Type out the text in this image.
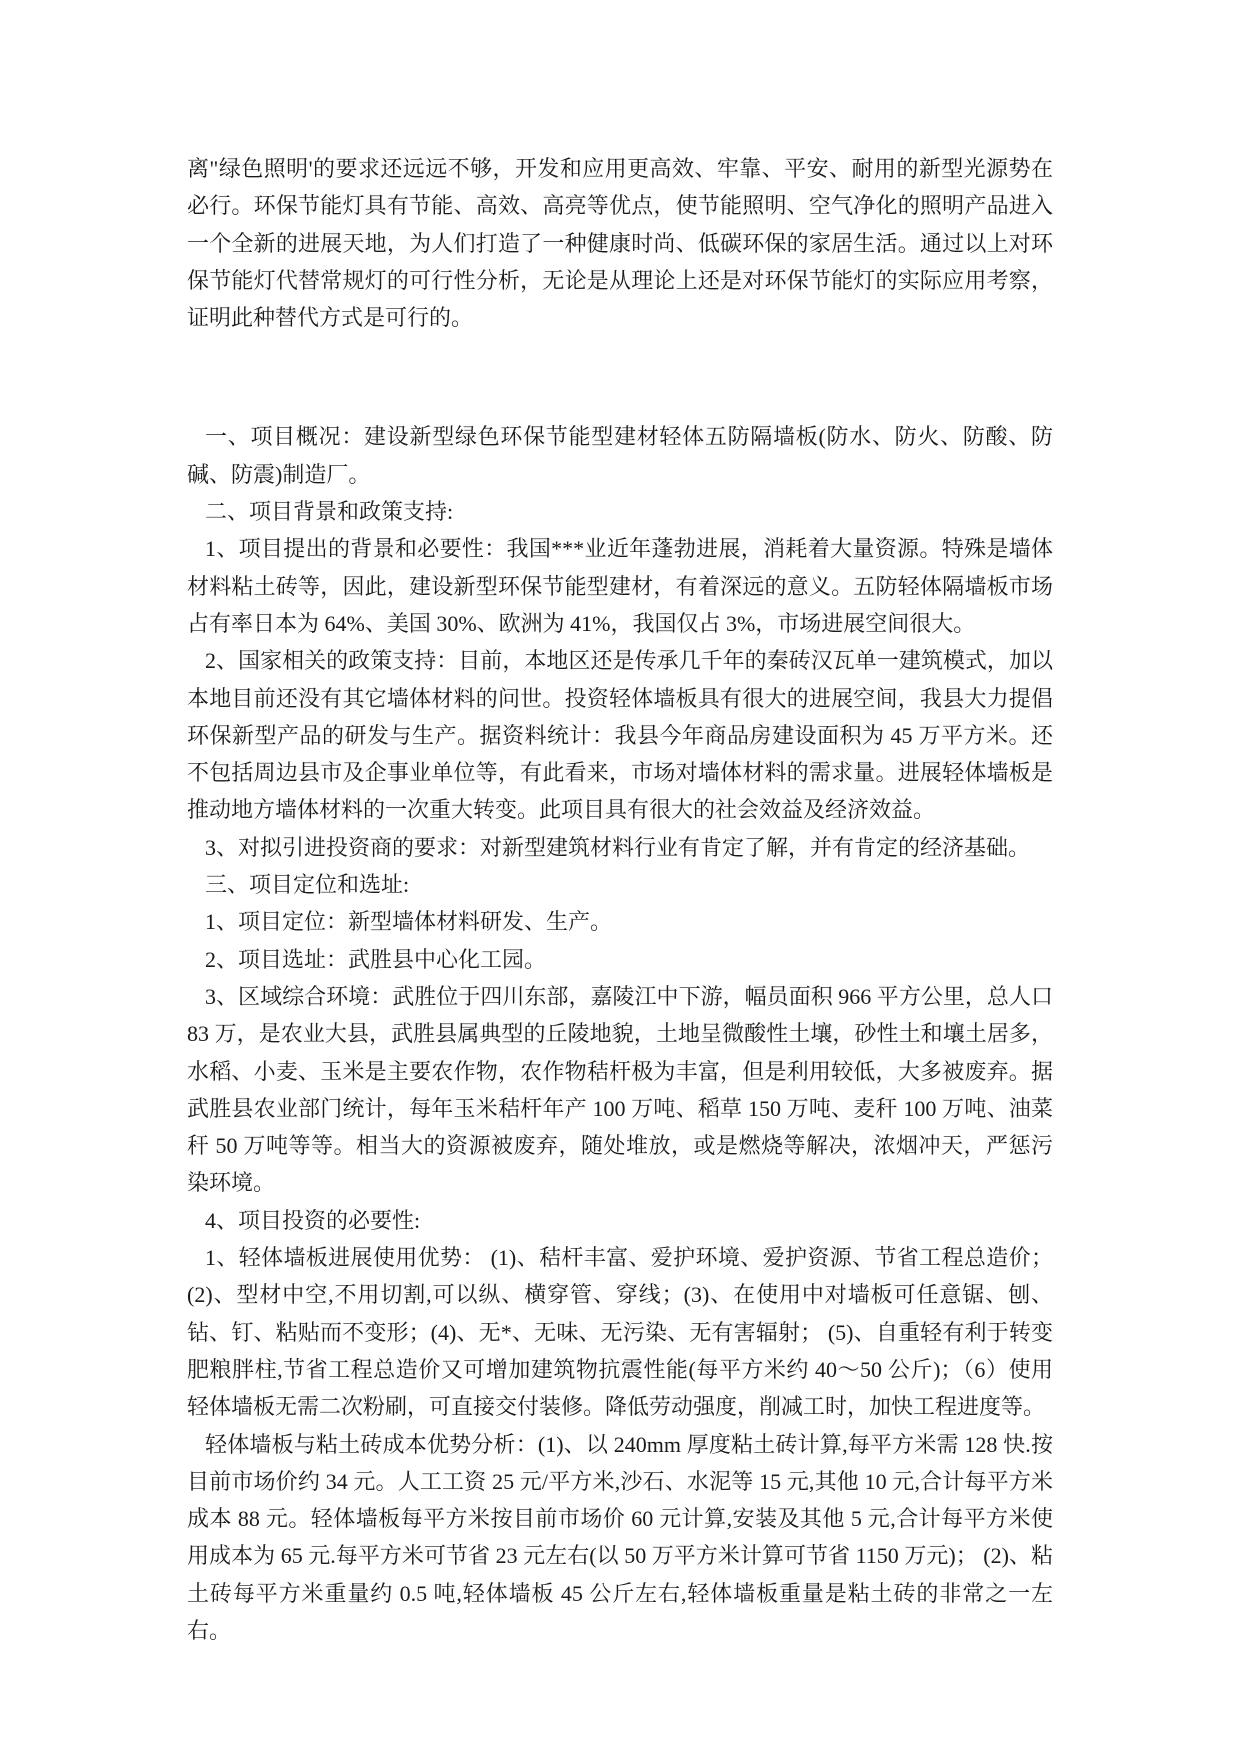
离"绿色照明'的要求还远远不够，开发和应用更高效、牢靠、平安、耐用的新型光源势在必行。环保节能灯具有节能、高效、高亮等优点，使节能照明、空气净化的照明产品进入一个全新的进展天地，为人们打造了一种健康时尚、低碳环保的家居生活。通过以上对环保节能灯代替常规灯的可行性分析，无论是从理论上还是对环保节能灯的实际应用考察，证明此种替代方式是可行的。

一、项目概况：建设新型绿色环保节能型建材轻体五防隔墙板(防水、防火、防酸、防碱、防震)制造厂。

二、项目背景和政策支持:

1、项目提出的背景和必要性：我国***业近年蓬勃进展，消耗着大量资源。特殊是墙体材料粘土砖等，因此，建设新型环保节能型建材，有着深远的意义。五防轻体隔墙板市场占有率日本为 64%、美国 30%、欧洲为 41%，我国仅占 3%，市场进展空间很大。

2、国家相关的政策支持：目前，本地区还是传承几千年的秦砖汉瓦单一建筑模式，加以本地目前还没有其它墙体材料的问世。投资轻体墙板具有很大的进展空间，我县大力提倡环保新型产品的研发与生产。据资料统计：我县今年商品房建设面积为 45 万平方米。还不包括周边县市及企事业单位等，有此看来，市场对墙体材料的需求量。进展轻体墙板是推动地方墙体材料的一次重大转变。此项目具有很大的社会效益及经济效益。

3、对拟引进投资商的要求：对新型建筑材料行业有肯定了解，并有肯定的经济基础。

三、项目定位和选址:

1、项目定位：新型墙体材料研发、生产。

2、项目选址：武胜县中心化工园。

3、区域综合环境：武胜位于四川东部，嘉陵江中下游，幅员面积 966 平方公里，总人口 83 万，是农业大县，武胜县属典型的丘陵地貌，土地呈微酸性土壤，砂性土和壤土居多，水稻、小麦、玉米是主要农作物，农作物秸杆极为丰富，但是利用较低，大多被废弃。据武胜县农业部门统计，每年玉米秸杆年产 100 万吨、稻草 150 万吨、麦秆 100 万吨、油菜秆 50 万吨等等。相当大的资源被废弃，随处堆放，或是燃烧等解决，浓烟冲天，严惩污染环境。

4、项目投资的必要性:

1、轻体墙板进展使用优势： (1)、秸杆丰富、爱护环境、爱护资源、节省工程总造价；(2)、型材中空,不用切割,可以纵、横穿管、穿线；(3)、在使用中对墙板可任意锯、刨、钻、钉、粘贴而不变形；(4)、无*、无味、无污染、无有害辐射； (5)、自重轻有利于转变肥粮胖柱,节省工程总造价又可增加建筑物抗震性能(每平方米约 40～50 公斤)；（6）使用轻体墙板无需二次粉刷，可直接交付装修。降低劳动强度，削减工时，加快工程进度等。

轻体墙板与粘土砖成本优势分析：(1)、以 240mm 厚度粘土砖计算,每平方米需 128 快.按目前市场价约 34 元。人工工资 25 元/平方米,沙石、水泥等 15 元,其他 10 元,合计每平方米成本 88 元。轻体墙板每平方米按目前市场价 60 元计算,安装及其他 5 元,合计每平方米使用成本为 65 元.每平方米可节省 23 元左右(以 50 万平方米计算可节省 1150 万元)； (2)、粘土砖每平方米重量约 0.5 吨,轻体墙板 45 公斤左右,轻体墙板重量是粘土砖的非常之一左右。
